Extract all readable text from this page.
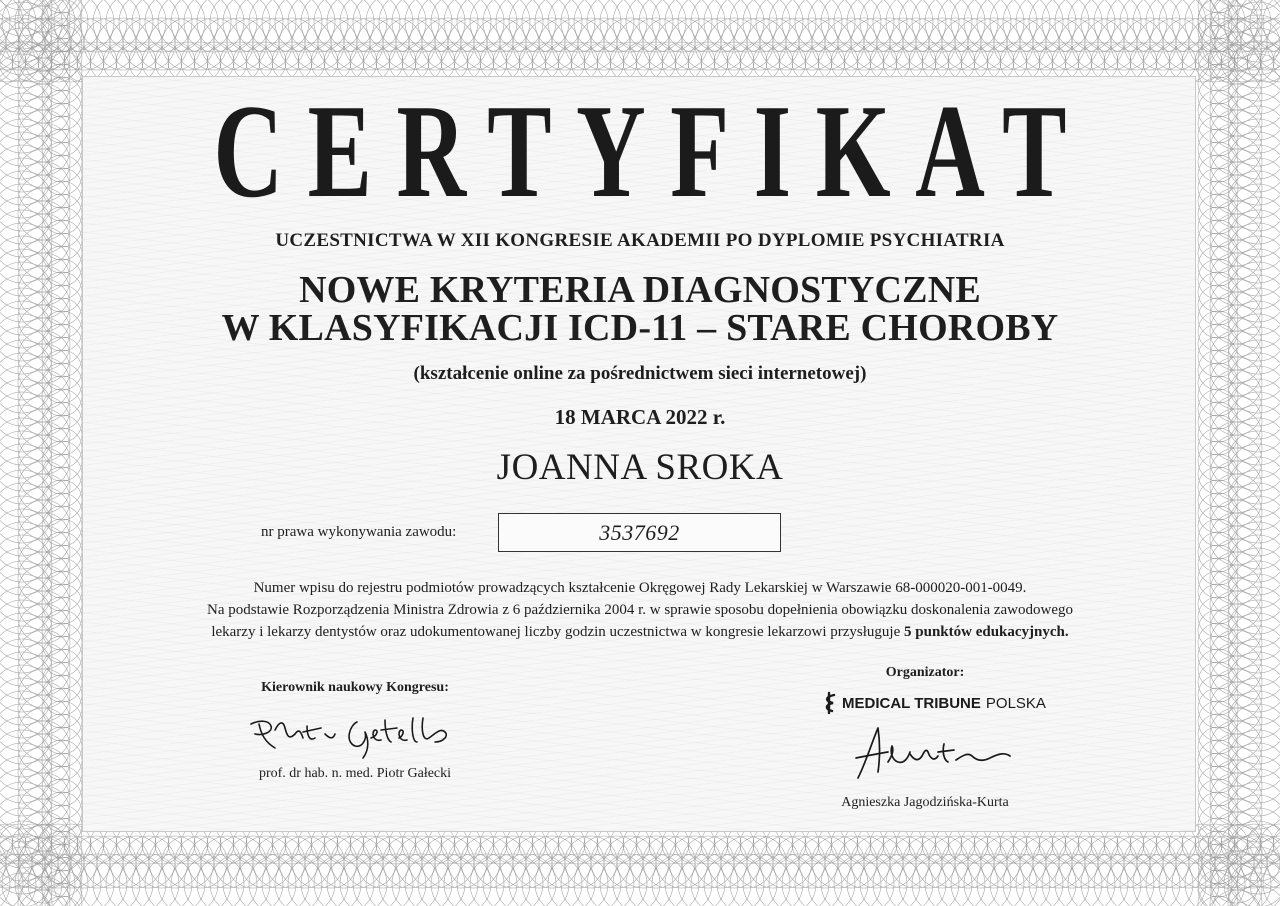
CERTYFIKAT
UCZESTNICTWA W XII KONGRESIE AKADEMII PO DYPLOMIE PSYCHIATRIA
NOWE KRYTERIA DIAGNOSTYCZNE
W KLASYFIKACJI ICD-11 – STARE CHOROBY
(kształcenie online za pośrednictwem sieci internetowej)
18 MARCA 2022 r.
JOANNA SROKA
nr prawa wykonywania zawodu:	3537692
Numer wpisu do rejestru podmiotów prowadzących kształcenie Okręgowej Rady Lekarskiej w Warszawie 68-000020-001-0049.
Na podstawie Rozporządzenia Ministra Zdrowia z 6 października 2004 r. w sprawie sposobu dopełnienia obowiązku doskonalenia zawodowego
lekarzy i lekarzy dentystów oraz udokumentowanej liczby godzin uczestnictwa w kongresie lekarzowi przysługuje 5 punktów edukacyjnych.
Kierownik naukowy Kongresu:
prof. dr hab. n. med. Piotr Gałecki
Organizator:
MEDICAL TRIBUNE POLSKA
Agnieszka Jagodzińska-Kurta
